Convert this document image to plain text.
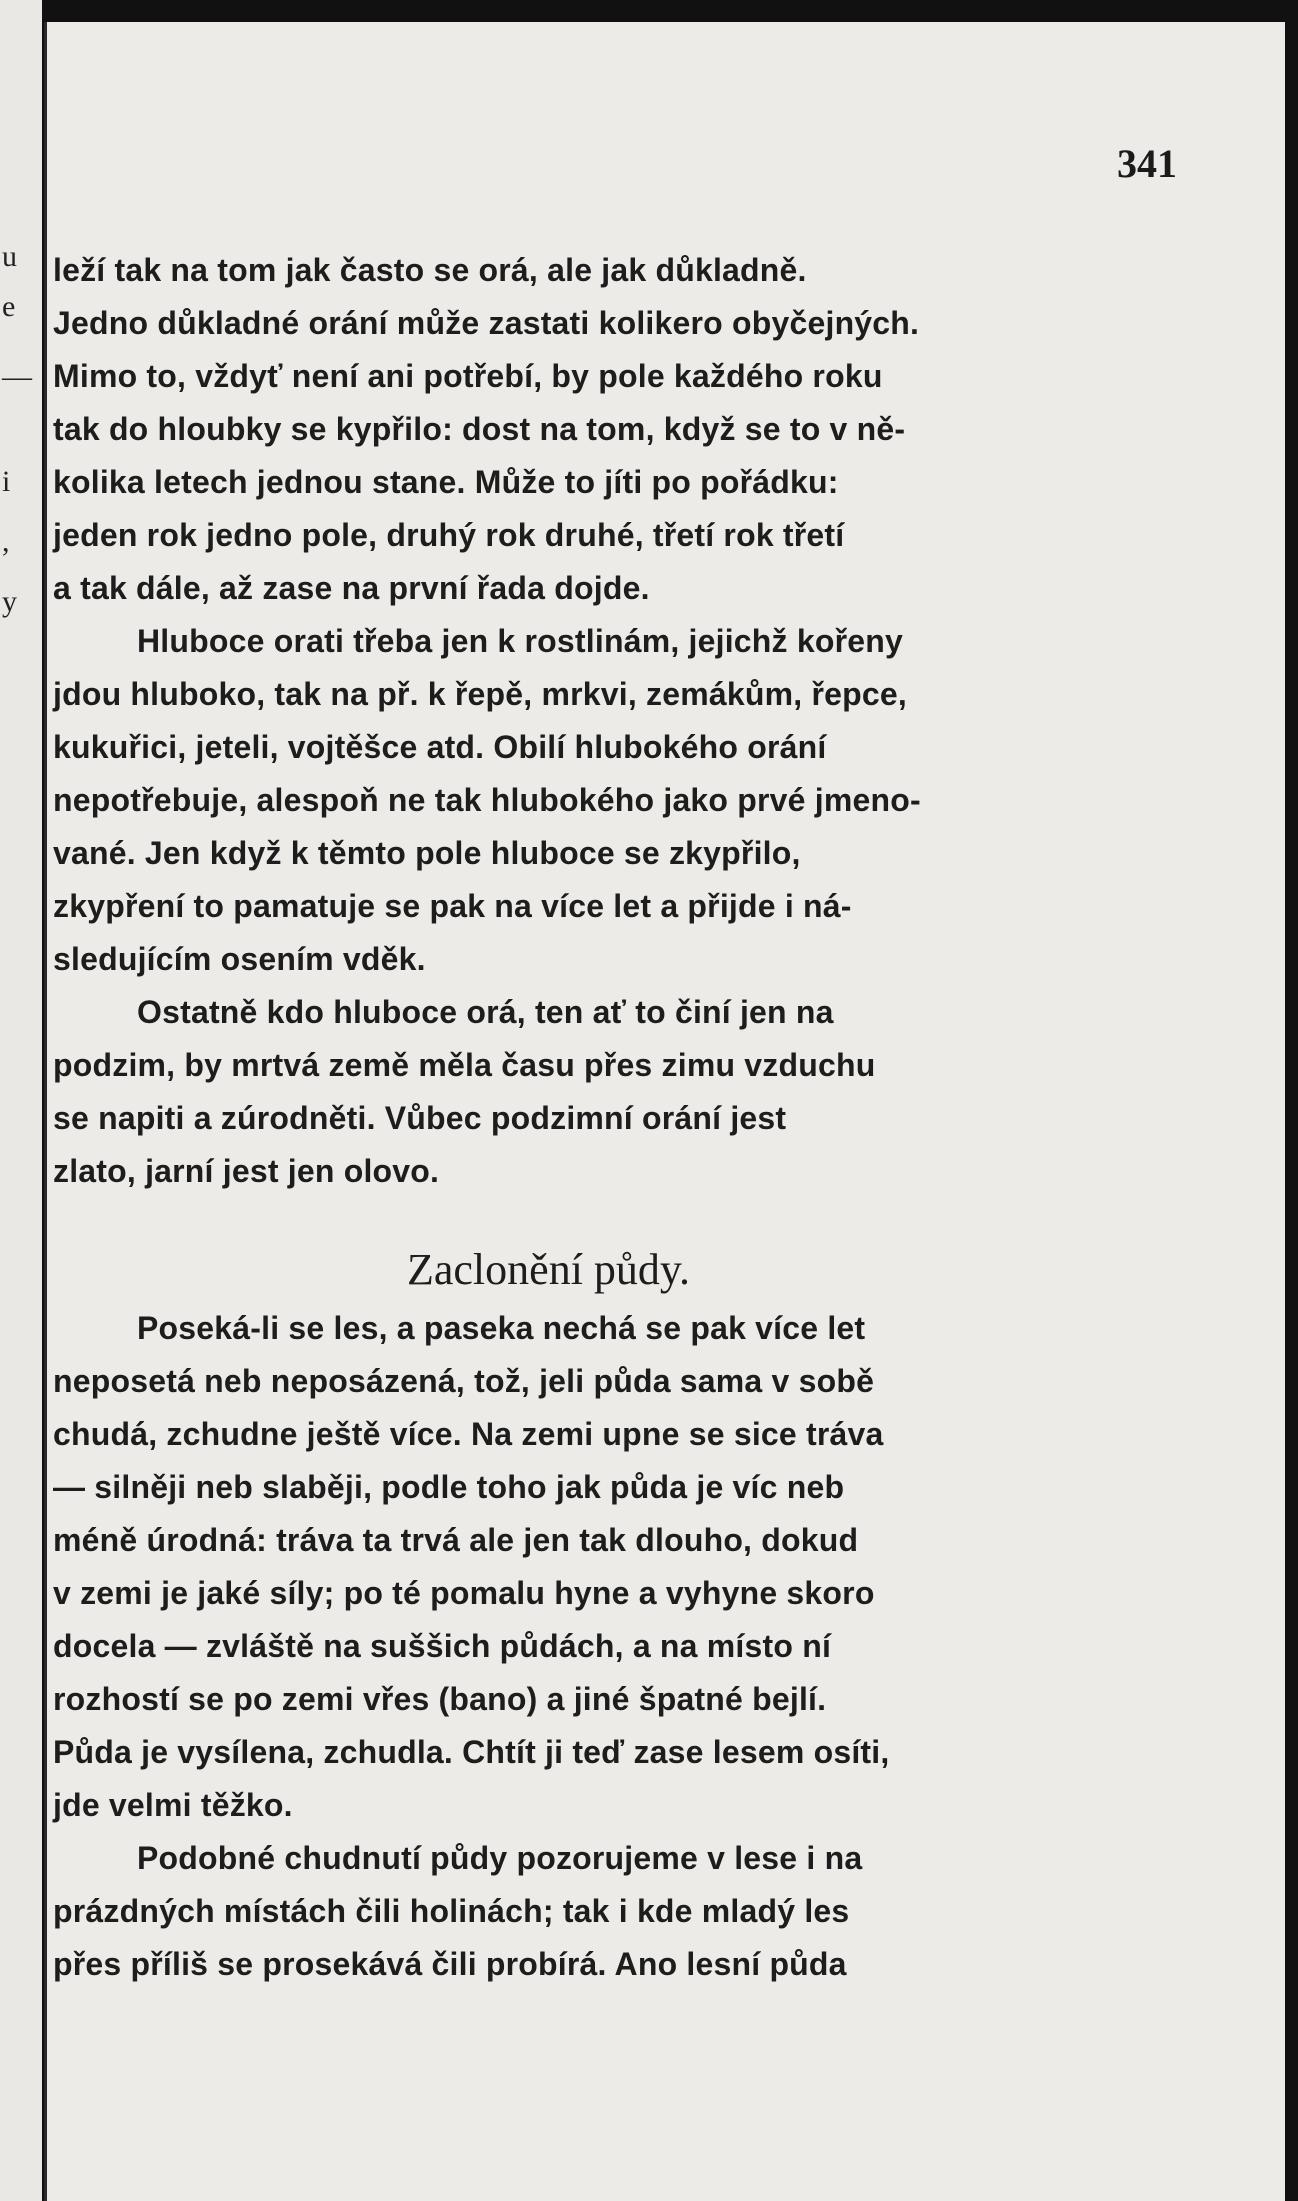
u
e
—
i
,
y
341
leží tak na tom jak často se orá, ale jak důkladně.
Jedno důkladné orání může zastati kolikero obyčejných.
Mimo to, vždyť není ani potřebí, by pole každého roku
tak do hloubky se kypřilo: dost na tom, když se to v ně-
kolika letech jednou stane. Může to jíti po pořádku:
jeden rok jedno pole, druhý rok druhé, třetí rok třetí
a tak dále, až zase na první řada dojde.
Hluboce orati třeba jen k rostlinám, jejichž kořeny
jdou hluboko, tak na př. k řepě, mrkvi, zemákům, řepce,
kukuřici, jeteli, vojtěšce atd. Obilí hlubokého orání
nepotřebuje, alespoň ne tak hlubokého jako prvé jmeno-
vané. Jen když k těmto pole hluboce se zkypřilo,
zkypření to pamatuje se pak na více let a přijde i ná-
sledujícím osením vděk.
Ostatně kdo hluboce orá, ten ať to činí jen na
podzim, by mrtvá země měla času přes zimu vzduchu
se napiti a zúrodněti. Vůbec podzimní orání jest
zlato, jarní jest jen olovo.
Zaclonění půdy.
Poseká-li se les, a paseka nechá se pak více let
neposetá neb neposázená, tož, jeli půda sama v sobě
chudá, zchudne ještě více. Na zemi upne se sice tráva
— silněji neb slaběji, podle toho jak půda je víc neb
méně úrodná: tráva ta trvá ale jen tak dlouho, dokud
v zemi je jaké síly; po té pomalu hyne a vyhyne skoro
docela — zvláště na suššich půdách, a na místo ní
rozhostí se po zemi vřes (bano) a jiné špatné bejlí.
Půda je vysílena, zchudla. Chtít ji teď zase lesem osíti,
jde velmi těžko.
Podobné chudnutí půdy pozorujeme v lese i na
prázdných místách čili holinách; tak i kde mladý les
přes příliš se prosekává čili probírá. Ano lesní půda
